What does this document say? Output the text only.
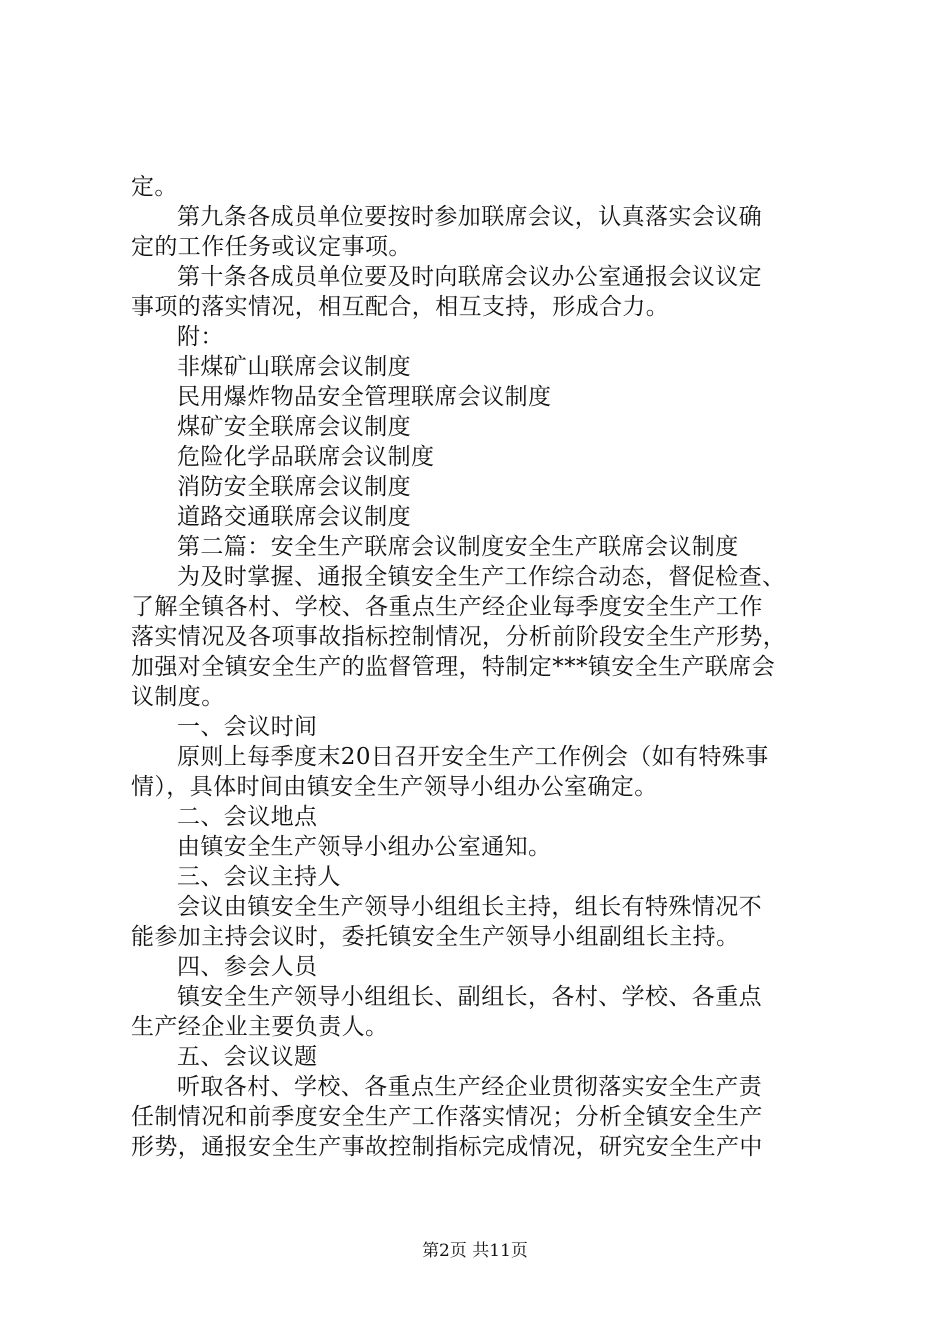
定。
第九条各成员单位要按时参加联席会议，认真落实会议确
定的工作任务或议定事项。
第十条各成员单位要及时向联席会议办公室通报会议议定
事项的落实情况，相互配合，相互支持，形成合力。
附：
非煤矿山联席会议制度
民用爆炸物品安全管理联席会议制度
煤矿安全联席会议制度
危险化学品联席会议制度
消防安全联席会议制度
道路交通联席会议制度
第二篇：安全生产联席会议制度安全生产联席会议制度
为及时掌握、通报全镇安全生产工作综合动态，督促检查、
了解全镇各村、学校、各重点生产经企业每季度安全生产工作
落实情况及各项事故指标控制情况，分析前阶段安全生产形势，
加强对全镇安全生产的监督管理，特制定***镇安全生产联席会
议制度。
一、会议时间
原则上每季度末20日召开安全生产工作例会（如有特殊事
情），具体时间由镇安全生产领导小组办公室确定。
二、会议地点
由镇安全生产领导小组办公室通知。
三、会议主持人
会议由镇安全生产领导小组组长主持，组长有特殊情况不
能参加主持会议时，委托镇安全生产领导小组副组长主持。
四、参会人员
镇安全生产领导小组组长、副组长，各村、学校、各重点
生产经企业主要负责人。
五、会议议题
听取各村、学校、各重点生产经企业贯彻落实安全生产责
任制情况和前季度安全生产工作落实情况；分析全镇安全生产
形势，通报安全生产事故控制指标完成情况，研究安全生产中
第2页 共11页
